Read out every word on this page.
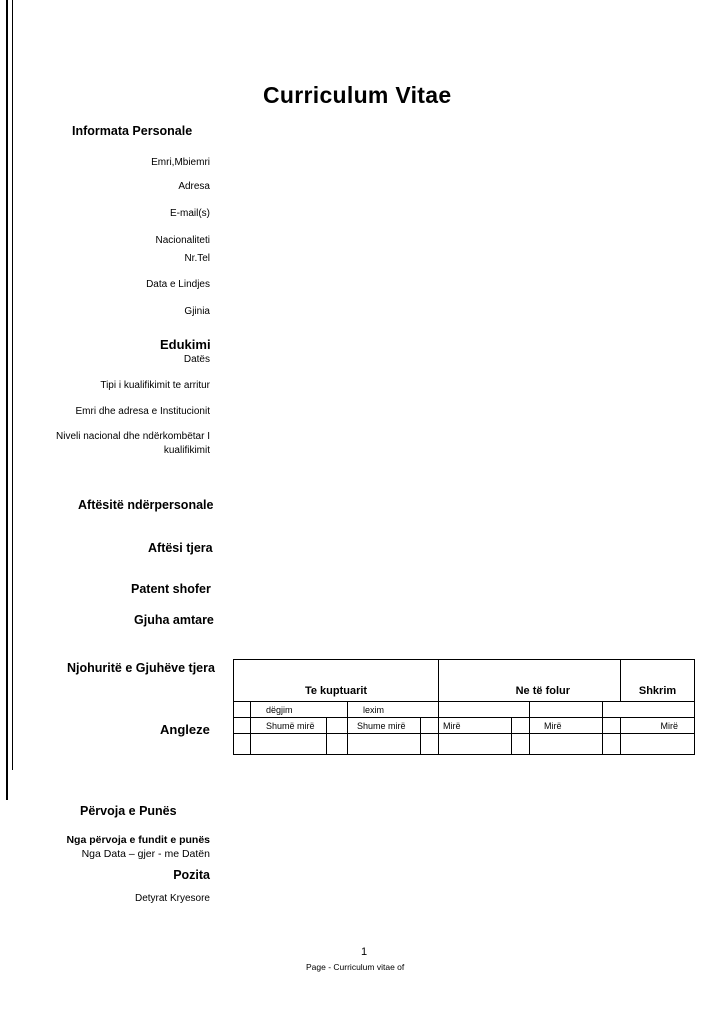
Curriculum Vitae
Informata Personale
Emri,Mbiemri
Adresa
E-mail(s)
Nacionaliteti
Nr.Tel
Data e Lindjes
Gjinia
Edukimi
Datës
Tipi i kualifikimit te arritur
Emri dhe adresa e Institucionit
Niveli nacional dhe ndërkombëtar I
kualifikimit
Aftësitë ndërpersonale
Aftësi tjera
Patent shofer
Gjuha amtare
Njohuritë e Gjuhëve tjera
Angleze

Te kuptuarit					Ne të folur				Shkrim
	dëgjim		lexim						
	Shumë mirë		Shume mirë		Mirë		Mirë		Mirë

Përvoja e Punës
Nga përvoja e fundit e punës
Nga Data – gjer - me Datën
Pozita
Detyrat Kryesore
1
Page - Curriculum vitae of
